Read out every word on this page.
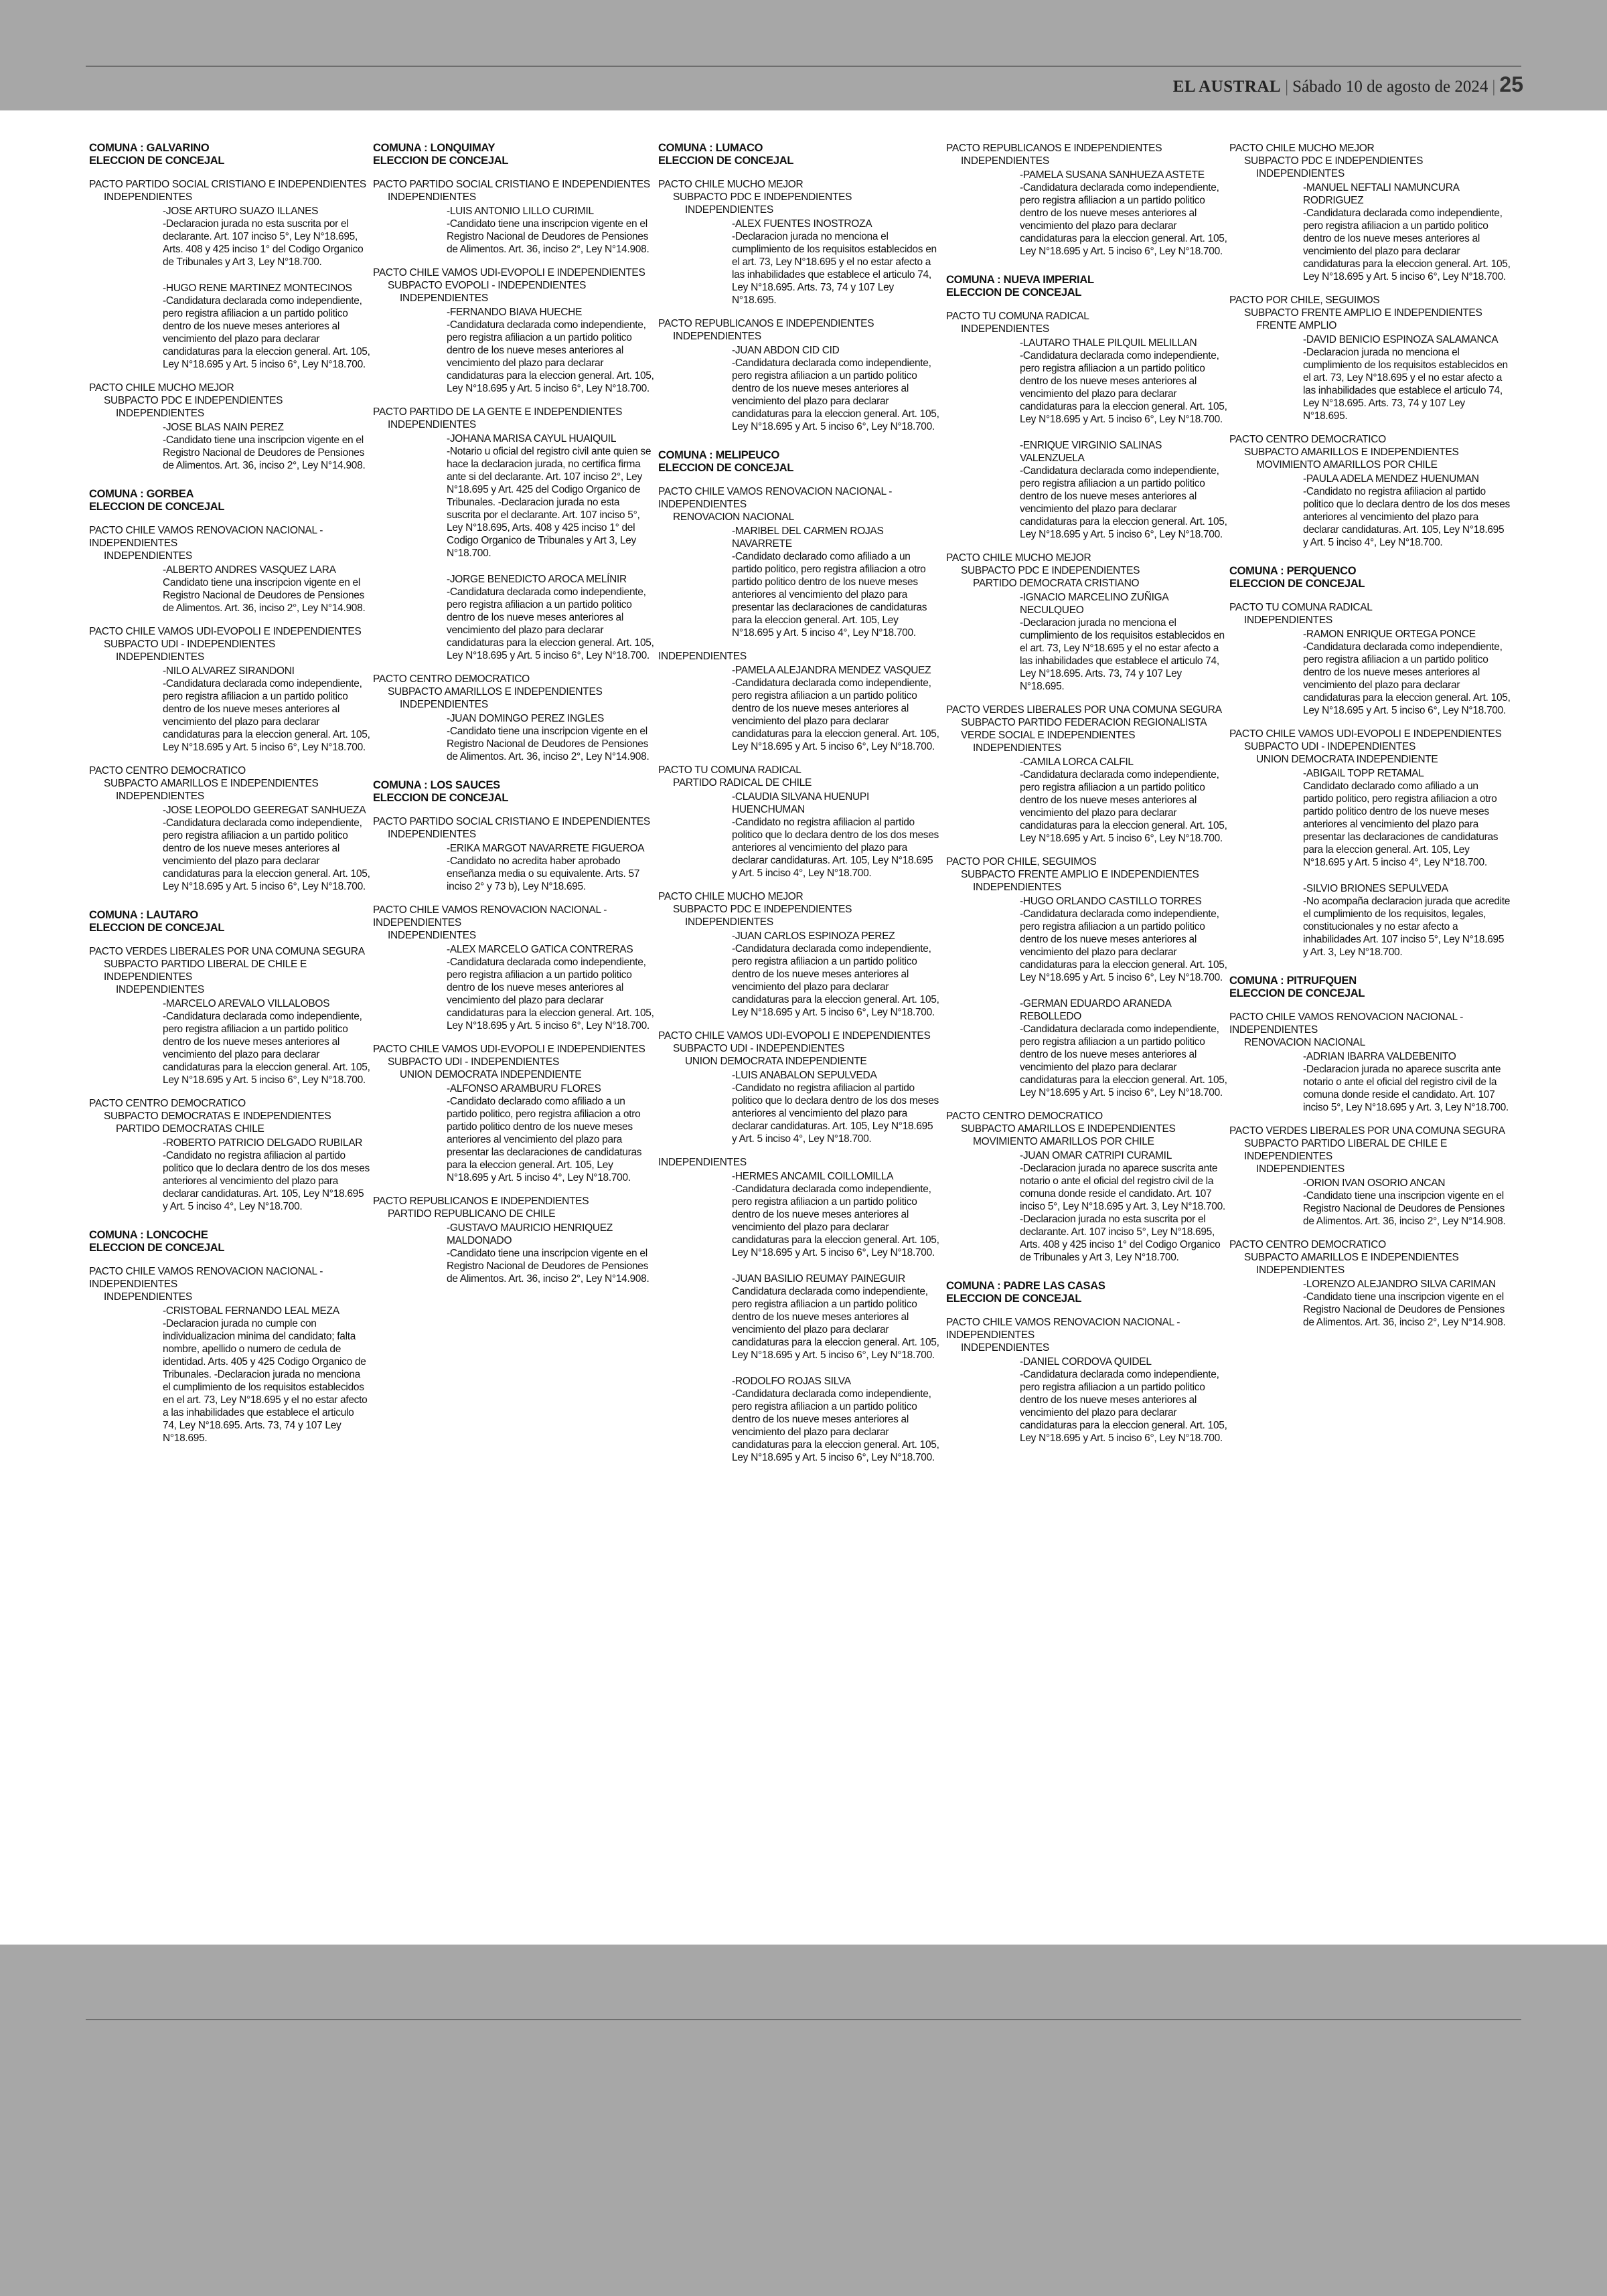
EL AUSTRAL | Sábado 10 de agosto de 2024 | 25
COMUNA : GALVARINO
ELECCION DE CONCEJAL
PACTO PARTIDO SOCIAL CRISTIANO E INDEPENDIENTES
INDEPENDIENTES
-JOSE ARTURO SUAZO ILLANES
-Declaracion jurada no esta suscrita por el declarante. Art. 107 inciso 5°, Ley N°18.695, Arts. 408 y 425 inciso 1° del Codigo Organico de Tribunales y Art 3, Ley N°18.700.
-HUGO RENE MARTINEZ MONTECINOS
-Candidatura declarada como independiente, pero registra afiliacion a un partido politico dentro de los nueve meses anteriores al vencimiento del plazo para declarar candidaturas para la eleccion general. Art. 105, Ley N°18.695 y Art. 5 inciso 6°, Ley N°18.700.
PACTO CHILE MUCHO MEJOR
SUBPACTO PDC E INDEPENDIENTES
INDEPENDIENTES
-JOSE BLAS NAIN PEREZ
-Candidato tiene una inscripcion vigente en el Registro Nacional de Deudores de Pensiones de Alimentos. Art. 36, inciso 2°, Ley N°14.908.
COMUNA : GORBEA
ELECCION DE CONCEJAL
PACTO CHILE VAMOS RENOVACION NACIONAL - INDEPENDIENTES
INDEPENDIENTES
-ALBERTO ANDRES VASQUEZ LARA
Candidato tiene una inscripcion vigente en el Registro Nacional de Deudores de Pensiones de Alimentos. Art. 36, inciso 2°, Ley N°14.908.
PACTO CHILE VAMOS UDI-EVOPOLI E INDEPENDIENTES
SUBPACTO UDI - INDEPENDIENTES
INDEPENDIENTES
-NILO ALVAREZ SIRANDONI
-Candidatura declarada como independiente, pero registra afiliacion a un partido politico dentro de los nueve meses anteriores al vencimiento del plazo para declarar candidaturas para la eleccion general. Art. 105, Ley N°18.695 y Art. 5 inciso 6°, Ley N°18.700.
PACTO CENTRO DEMOCRATICO
SUBPACTO AMARILLOS E INDEPENDIENTES
INDEPENDIENTES
-JOSE LEOPOLDO GEEREGAT SANHUEZA
-Candidatura declarada como independiente, pero registra afiliacion a un partido politico dentro de los nueve meses anteriores al vencimiento del plazo para declarar candidaturas para la eleccion general. Art. 105, Ley N°18.695 y Art. 5 inciso 6°, Ley N°18.700.
COMUNA : LAUTARO
ELECCION DE CONCEJAL
PACTO VERDES LIBERALES POR UNA COMUNA SEGURA
SUBPACTO PARTIDO LIBERAL DE CHILE E INDEPENDIENTES
INDEPENDIENTES
-MARCELO AREVALO VILLALOBOS
-Candidatura declarada como independiente, pero registra afiliacion a un partido politico dentro de los nueve meses anteriores al vencimiento del plazo para declarar candidaturas para la eleccion general. Art. 105, Ley N°18.695 y Art. 5 inciso 6°, Ley N°18.700.
PACTO CENTRO DEMOCRATICO
SUBPACTO DEMOCRATAS E INDEPENDIENTES
PARTIDO DEMOCRATAS CHILE
-ROBERTO PATRICIO DELGADO RUBILAR
-Candidato no registra afiliacion al partido politico que lo declara dentro de los dos meses anteriores al vencimiento del plazo para declarar candidaturas. Art. 105, Ley N°18.695 y Art. 5 inciso 4°, Ley N°18.700.
COMUNA : LONCOCHE
ELECCION DE CONCEJAL
PACTO CHILE VAMOS RENOVACION NACIONAL - INDEPENDIENTES
INDEPENDIENTES
-CRISTOBAL FERNANDO LEAL MEZA
-Declaracion jurada no cumple con individualizacion minima del candidato; falta nombre, apellido o numero de cedula de identidad. Arts. 405 y 425 Codigo Organico de Tribunales. -Declaracion jurada no menciona el cumplimiento de los requisitos establecidos en el art. 73, Ley N°18.695 y el no estar afecto a las inhabilidades que establece el articulo 74, Ley N°18.695. Arts. 73, 74 y 107 Ley N°18.695.
COMUNA : LONQUIMAY
ELECCION DE CONCEJAL
PACTO PARTIDO SOCIAL CRISTIANO E INDEPENDIENTES
INDEPENDIENTES
-LUIS ANTONIO LILLO CURIMIL
-Candidato tiene una inscripcion vigente en el Registro Nacional de Deudores de Pensiones de Alimentos. Art. 36, inciso 2°, Ley N°14.908.
PACTO CHILE VAMOS UDI-EVOPOLI E INDEPENDIENTES
SUBPACTO EVOPOLI - INDEPENDIENTES
INDEPENDIENTES
-FERNANDO BIAVA HUECHE
-Candidatura declarada como independiente, pero registra afiliacion a un partido politico dentro de los nueve meses anteriores al vencimiento del plazo para declarar candidaturas para la eleccion general. Art. 105, Ley N°18.695 y Art. 5 inciso 6°, Ley N°18.700.
PACTO PARTIDO DE LA GENTE E INDEPENDIENTES
INDEPENDIENTES
-JOHANA MARISA CAYUL HUAIQUIL
-Notario u oficial del registro civil ante quien se hace la declaracion jurada, no certifica firma ante si del declarante. Art. 107 inciso 2°, Ley N°18.695 y Art. 425 del Codigo Organico de Tribunales. -Declaracion jurada no esta suscrita por el declarante. Art. 107 inciso 5°, Ley N°18.695, Arts. 408 y 425 inciso 1° del Codigo Organico de Tribunales y Art 3, Ley N°18.700.
-JORGE BENEDICTO AROCA MELÍNIR
-Candidatura declarada como independiente, pero registra afiliacion a un partido politico dentro de los nueve meses anteriores al vencimiento del plazo para declarar candidaturas para la eleccion general. Art. 105, Ley N°18.695 y Art. 5 inciso 6°, Ley N°18.700.
PACTO CENTRO DEMOCRATICO
SUBPACTO AMARILLOS E INDEPENDIENTES
INDEPENDIENTES
-JUAN DOMINGO PEREZ INGLES
-Candidato tiene una inscripcion vigente en el Registro Nacional de Deudores de Pensiones de Alimentos. Art. 36, inciso 2°, Ley N°14.908.
COMUNA : LOS SAUCES
ELECCION DE CONCEJAL
PACTO PARTIDO SOCIAL CRISTIANO E INDEPENDIENTES
INDEPENDIENTES
-ERIKA MARGOT NAVARRETE FIGUEROA
-Candidato no acredita haber aprobado enseñanza media o su equivalente. Arts. 57 inciso 2° y 73 b), Ley N°18.695.
PACTO CHILE VAMOS RENOVACION NACIONAL - INDEPENDIENTES
INDEPENDIENTES
-ALEX MARCELO GATICA CONTRERAS
-Candidatura declarada como independiente, pero registra afiliacion a un partido politico dentro de los nueve meses anteriores al vencimiento del plazo para declarar candidaturas para la eleccion general. Art. 105, Ley N°18.695 y Art. 5 inciso 6°, Ley N°18.700.
PACTO CHILE VAMOS UDI-EVOPOLI E INDEPENDIENTES
SUBPACTO UDI - INDEPENDIENTES
UNION DEMOCRATA INDEPENDIENTE
-ALFONSO ARAMBURU FLORES
-Candidato declarado como afiliado a un partido politico, pero registra afiliacion a otro partido politico dentro de los nueve meses anteriores al vencimiento del plazo para presentar las declaraciones de candidaturas para la eleccion general. Art. 105, Ley N°18.695 y Art. 5 inciso 4°, Ley N°18.700.
PACTO REPUBLICANOS E INDEPENDIENTES
PARTIDO REPUBLICANO DE CHILE
-GUSTAVO MAURICIO HENRIQUEZ MALDONADO
-Candidato tiene una inscripcion vigente en el Registro Nacional de Deudores de Pensiones de Alimentos. Art. 36, inciso 2°, Ley N°14.908.
COMUNA : LUMACO
ELECCION DE CONCEJAL
PACTO CHILE MUCHO MEJOR
SUBPACTO PDC E INDEPENDIENTES
INDEPENDIENTES
-ALEX FUENTES INOSTROZA
-Declaracion jurada no menciona el cumplimiento de los requisitos establecidos en el art. 73, Ley N°18.695 y el no estar afecto a las inhabilidades que establece el articulo 74, Ley N°18.695. Arts. 73, 74 y 107 Ley N°18.695.
PACTO REPUBLICANOS E INDEPENDIENTES
INDEPENDIENTES
-JUAN ABDON CID CID
-Candidatura declarada como independiente, pero registra afiliacion a un partido politico dentro de los nueve meses anteriores al vencimiento del plazo para declarar candidaturas para la eleccion general. Art. 105, Ley N°18.695 y Art. 5 inciso 6°, Ley N°18.700.
COMUNA : MELIPEUCO
ELECCION DE CONCEJAL
PACTO CHILE VAMOS RENOVACION NACIONAL - INDEPENDIENTES
RENOVACION NACIONAL
-MARIBEL DEL CARMEN ROJAS NAVARRETE
-Candidato declarado como afiliado a un partido politico, pero registra afiliacion a otro partido politico dentro de los nueve meses anteriores al vencimiento del plazo para presentar las declaraciones de candidaturas para la eleccion general. Art. 105, Ley N°18.695 y Art. 5 inciso 4°, Ley N°18.700.
INDEPENDIENTES
-PAMELA ALEJANDRA MENDEZ VASQUEZ
-Candidatura declarada como independiente, pero registra afiliacion a un partido politico dentro de los nueve meses anteriores al vencimiento del plazo para declarar candidaturas para la eleccion general. Art. 105, Ley N°18.695 y Art. 5 inciso 6°, Ley N°18.700.
PACTO TU COMUNA RADICAL
PARTIDO RADICAL DE CHILE
-CLAUDIA SILVANA HUENUPI HUENCHUMAN
-Candidato no registra afiliacion al partido politico que lo declara dentro de los dos meses anteriores al vencimiento del plazo para declarar candidaturas. Art. 105, Ley N°18.695 y Art. 5 inciso 4°, Ley N°18.700.
PACTO CHILE MUCHO MEJOR
SUBPACTO PDC E INDEPENDIENTES
INDEPENDIENTES
-JUAN CARLOS ESPINOZA PEREZ
-Candidatura declarada como independiente, pero registra afiliacion a un partido politico dentro de los nueve meses anteriores al vencimiento del plazo para declarar candidaturas para la eleccion general. Art. 105, Ley N°18.695 y Art. 5 inciso 6°, Ley N°18.700.
PACTO CHILE VAMOS UDI-EVOPOLI E INDEPENDIENTES
SUBPACTO UDI - INDEPENDIENTES
UNION DEMOCRATA INDEPENDIENTE
-LUIS ANABALON SEPULVEDA
-Candidato no registra afiliacion al partido politico que lo declara dentro de los dos meses anteriores al vencimiento del plazo para declarar candidaturas. Art. 105, Ley N°18.695 y Art. 5 inciso 4°, Ley N°18.700.
INDEPENDIENTES
-HERMES ANCAMIL COILLOMILLA
-Candidatura declarada como independiente, pero registra afiliacion a un partido politico dentro de los nueve meses anteriores al vencimiento del plazo para declarar candidaturas para la eleccion general. Art. 105, Ley N°18.695 y Art. 5 inciso 6°, Ley N°18.700.
-JUAN BASILIO REUMAY PAINEGUIR
Candidatura declarada como independiente, pero registra afiliacion a un partido politico dentro de los nueve meses anteriores al vencimiento del plazo para declarar candidaturas para la eleccion general. Art. 105, Ley N°18.695 y Art. 5 inciso 6°, Ley N°18.700.
-RODOLFO ROJAS SILVA
-Candidatura declarada como independiente, pero registra afiliacion a un partido politico dentro de los nueve meses anteriores al vencimiento del plazo para declarar candidaturas para la eleccion general. Art. 105, Ley N°18.695 y Art. 5 inciso 6°, Ley N°18.700.
PACTO REPUBLICANOS E INDEPENDIENTES
INDEPENDIENTES
-PAMELA SUSANA SANHUEZA ASTETE
-Candidatura declarada como independiente, pero registra afiliacion a un partido politico dentro de los nueve meses anteriores al vencimiento del plazo para declarar candidaturas para la eleccion general. Art. 105, Ley N°18.695 y Art. 5 inciso 6°, Ley N°18.700.
COMUNA : NUEVA IMPERIAL
ELECCION DE CONCEJAL
PACTO TU COMUNA RADICAL
INDEPENDIENTES
-LAUTARO THALE PILQUIL MELILLAN
-Candidatura declarada como independiente, pero registra afiliacion a un partido politico dentro de los nueve meses anteriores al vencimiento del plazo para declarar candidaturas para la eleccion general. Art. 105, Ley N°18.695 y Art. 5 inciso 6°, Ley N°18.700.
-ENRIQUE VIRGINIO SALINAS VALENZUELA
-Candidatura declarada como independiente, pero registra afiliacion a un partido politico dentro de los nueve meses anteriores al vencimiento del plazo para declarar candidaturas para la eleccion general. Art. 105, Ley N°18.695 y Art. 5 inciso 6°, Ley N°18.700.
PACTO CHILE MUCHO MEJOR
SUBPACTO PDC E INDEPENDIENTES
PARTIDO DEMOCRATA CRISTIANO
-IGNACIO MARCELINO ZUÑIGA NECULQUEO
-Declaracion jurada no menciona el cumplimiento de los requisitos establecidos en el art. 73, Ley N°18.695 y el no estar afecto a las inhabilidades que establece el articulo 74, Ley N°18.695. Arts. 73, 74 y 107 Ley N°18.695.
PACTO VERDES LIBERALES POR UNA COMUNA SEGURA
SUBPACTO PARTIDO FEDERACION REGIONALISTA VERDE SOCIAL E INDEPENDIENTES
INDEPENDIENTES
-CAMILA LORCA CALFIL
-Candidatura declarada como independiente, pero registra afiliacion a un partido politico dentro de los nueve meses anteriores al vencimiento del plazo para declarar candidaturas para la eleccion general. Art. 105, Ley N°18.695 y Art. 5 inciso 6°, Ley N°18.700.
PACTO POR CHILE, SEGUIMOS
SUBPACTO FRENTE AMPLIO E INDEPENDIENTES
INDEPENDIENTES
-HUGO ORLANDO CASTILLO TORRES
-Candidatura declarada como independiente, pero registra afiliacion a un partido politico dentro de los nueve meses anteriores al vencimiento del plazo para declarar candidaturas para la eleccion general. Art. 105, Ley N°18.695 y Art. 5 inciso 6°, Ley N°18.700.
-GERMAN EDUARDO ARANEDA REBOLLEDO
-Candidatura declarada como independiente, pero registra afiliacion a un partido politico dentro de los nueve meses anteriores al vencimiento del plazo para declarar candidaturas para la eleccion general. Art. 105, Ley N°18.695 y Art. 5 inciso 6°, Ley N°18.700.
PACTO CENTRO DEMOCRATICO
SUBPACTO AMARILLOS E INDEPENDIENTES
MOVIMIENTO AMARILLOS POR CHILE
-JUAN OMAR CATRIPI CURAMIL
-Declaracion jurada no aparece suscrita ante notario o ante el oficial del registro civil de la comuna donde reside el candidato. Art. 107 inciso 5°, Ley N°18.695 y Art. 3, Ley N°18.700. -Declaracion jurada no esta suscrita por el declarante. Art. 107 inciso 5°, Ley N°18.695, Arts. 408 y 425 inciso 1° del Codigo Organico de Tribunales y Art 3, Ley N°18.700.
COMUNA : PADRE LAS CASAS
ELECCION DE CONCEJAL
PACTO CHILE VAMOS RENOVACION NACIONAL - INDEPENDIENTES
INDEPENDIENTES
-DANIEL CORDOVA QUIDEL
-Candidatura declarada como independiente, pero registra afiliacion a un partido politico dentro de los nueve meses anteriores al vencimiento del plazo para declarar candidaturas para la eleccion general. Art. 105, Ley N°18.695 y Art. 5 inciso 6°, Ley N°18.700.
PACTO CHILE MUCHO MEJOR
SUBPACTO PDC E INDEPENDIENTES
INDEPENDIENTES
-MANUEL NEFTALI NAMUNCURA RODRIGUEZ
-Candidatura declarada como independiente, pero registra afiliacion a un partido politico dentro de los nueve meses anteriores al vencimiento del plazo para declarar candidaturas para la eleccion general. Art. 105, Ley N°18.695 y Art. 5 inciso 6°, Ley N°18.700.
PACTO POR CHILE, SEGUIMOS
SUBPACTO FRENTE AMPLIO E INDEPENDIENTES
FRENTE AMPLIO
-DAVID BENICIO ESPINOZA SALAMANCA
-Declaracion jurada no menciona el cumplimiento de los requisitos establecidos en el art. 73, Ley N°18.695 y el no estar afecto a las inhabilidades que establece el articulo 74, Ley N°18.695. Arts. 73, 74 y 107 Ley N°18.695.
PACTO CENTRO DEMOCRATICO
SUBPACTO AMARILLOS E INDEPENDIENTES
MOVIMIENTO AMARILLOS POR CHILE
-PAULA ADELA MENDEZ HUENUMAN
-Candidato no registra afiliacion al partido politico que lo declara dentro de los dos meses anteriores al vencimiento del plazo para declarar candidaturas. Art. 105, Ley N°18.695 y Art. 5 inciso 4°, Ley N°18.700.
COMUNA : PERQUENCO
ELECCION DE CONCEJAL
PACTO TU COMUNA RADICAL
INDEPENDIENTES
-RAMON ENRIQUE ORTEGA PONCE
-Candidatura declarada como independiente, pero registra afiliacion a un partido politico dentro de los nueve meses anteriores al vencimiento del plazo para declarar candidaturas para la eleccion general. Art. 105, Ley N°18.695 y Art. 5 inciso 6°, Ley N°18.700.
PACTO CHILE VAMOS UDI-EVOPOLI E INDEPENDIENTES
SUBPACTO UDI - INDEPENDIENTES
UNION DEMOCRATA INDEPENDIENTE
-ABIGAIL TOPP RETAMAL
Candidato declarado como afiliado a un partido politico, pero registra afiliacion a otro partido politico dentro de los nueve meses anteriores al vencimiento del plazo para presentar las declaraciones de candidaturas para la eleccion general. Art. 105, Ley N°18.695 y Art. 5 inciso 4°, Ley N°18.700.
-SILVIO BRIONES SEPULVEDA
-No acompaña declaracion jurada que acredite el cumplimiento de los requisitos, legales, constitucionales y no estar afecto a inhabilidades Art. 107 inciso 5°, Ley N°18.695 y Art. 3, Ley N°18.700.
COMUNA : PITRUFQUEN
ELECCION DE CONCEJAL
PACTO CHILE VAMOS RENOVACION NACIONAL - INDEPENDIENTES
RENOVACION NACIONAL
-ADRIAN IBARRA VALDEBENITO
-Declaracion jurada no aparece suscrita ante notario o ante el oficial del registro civil de la comuna donde reside el candidato. Art. 107 inciso 5°, Ley N°18.695 y Art. 3, Ley N°18.700.
PACTO VERDES LIBERALES POR UNA COMUNA SEGURA
SUBPACTO PARTIDO LIBERAL DE CHILE E INDEPENDIENTES
INDEPENDIENTES
-ORION IVAN OSORIO ANCAN
-Candidato tiene una inscripcion vigente en el Registro Nacional de Deudores de Pensiones de Alimentos. Art. 36, inciso 2°, Ley N°14.908.
PACTO CENTRO DEMOCRATICO
SUBPACTO AMARILLOS E INDEPENDIENTES
INDEPENDIENTES
-LORENZO ALEJANDRO SILVA CARIMAN
-Candidato tiene una inscripcion vigente en el Registro Nacional de Deudores de Pensiones de Alimentos. Art. 36, inciso 2°, Ley N°14.908.
